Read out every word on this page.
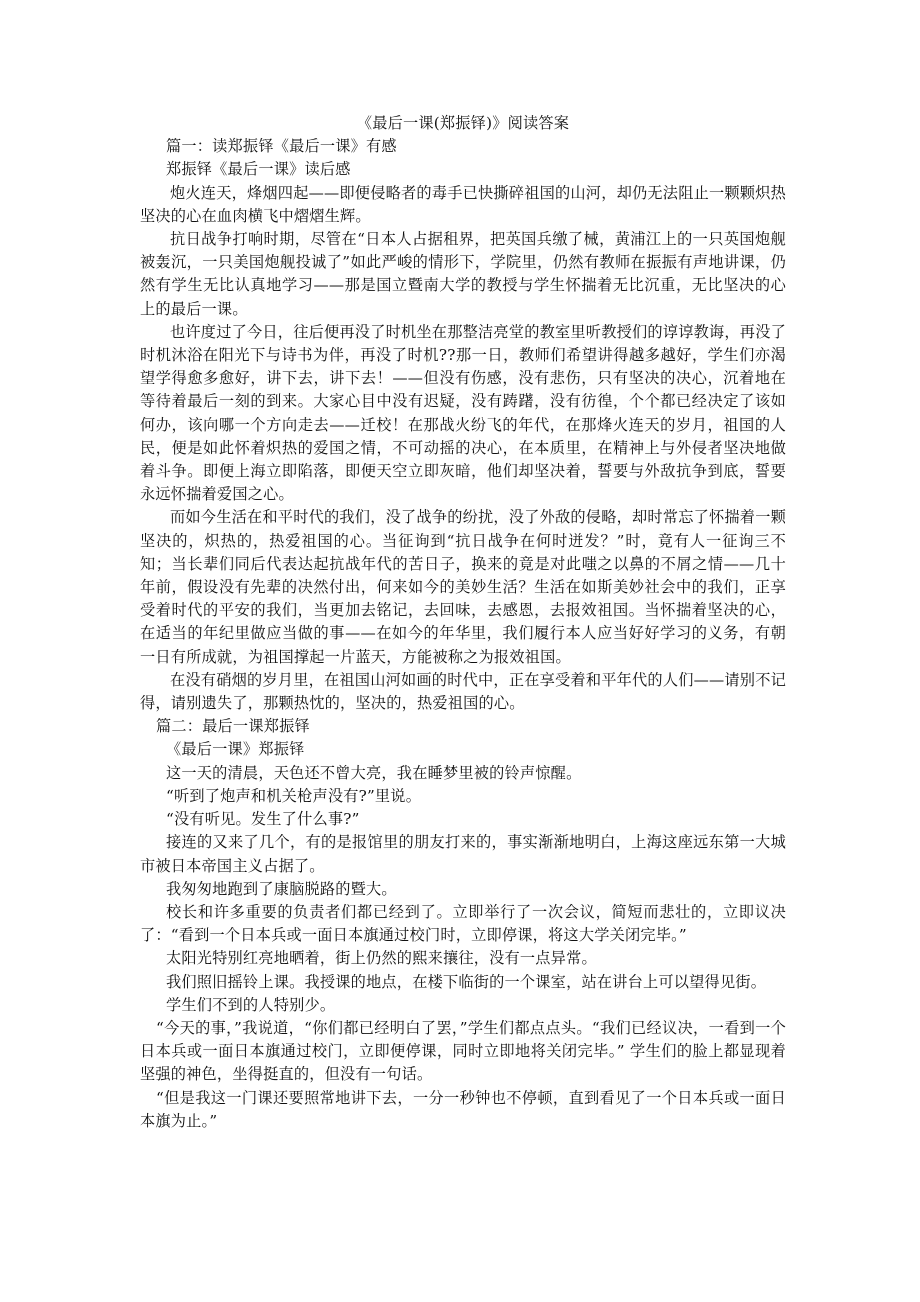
《最后一课(郑振铎)》阅读答案

篇一：读郑振铎《最后一课》有感

郑振铎《最后一课》读后感

炮火连天，烽烟四起——即便侵略者的毒手已快撕碎祖国的山河，却仍无法阻止一颗颗炽热坚决的心在血肉横飞中熠熠生辉。

抗日战争打响时期，尽管在“日本人占据租界，把英国兵缴了械，黄浦江上的一只英国炮舰被轰沉，一只美国炮舰投诚了”如此严峻的情形下，学院里，仍然有教师在振振有声地讲课，仍然有学生无比认真地学习——那是国立暨南大学的教授与学生怀揣着无比沉重，无比坚决的心上的最后一课。

也许度过了今日，往后便再没了时机坐在那整洁亮堂的教室里听教授们的谆谆教诲，再没了时机沐浴在阳光下与诗书为伴，再没了时机??那一日，教师们希望讲得越多越好，学生们亦渴望学得愈多愈好，讲下去，讲下去！——但没有伤感，没有悲伤，只有坚决的决心，沉着地在等待着最后一刻的到来。大家心目中没有迟疑，没有踌躇，没有彷徨，个个都已经决定了该如何办，该向哪一个方向走去——迁校！在那战火纷飞的年代，在那烽火连天的岁月，祖国的人民，便是如此怀着炽热的爱国之情，不可动摇的决心，在本质里，在精神上与外侵者坚决地做着斗争。即便上海立即陷落，即便天空立即灰暗，他们却坚决着，誓要与外敌抗争到底，誓要永远怀揣着爱国之心。

而如今生活在和平时代的我们，没了战争的纷扰，没了外敌的侵略，却时常忘了怀揣着一颗坚决的，炽热的，热爱祖国的心。当征询到“抗日战争在何时迸发？”时，竟有人一征询三不知；当长辈们同后代表达起抗战年代的苦日子，换来的竟是对此嗤之以鼻的不屑之情——几十年前，假设没有先辈的决然付出，何来如今的美妙生活？生活在如斯美妙社会中的我们，正享受着时代的平安的我们，当更加去铭记，去回味，去感恩，去报效祖国。当怀揣着坚决的心，在适当的年纪里做应当做的事——在如今的年华里，我们履行本人应当好好学习的义务，有朝一日有所成就，为祖国撑起一片蓝天，方能被称之为报效祖国。

在没有硝烟的岁月里，在祖国山河如画的时代中，正在享受着和平年代的人们——请别不记得，请别遗失了，那颗热忱的，坚决的，热爱祖国的心。

篇二：最后一课郑振铎

《最后一课》郑振铎

这一天的清晨，天色还不曾大亮，我在睡梦里被的铃声惊醒。

“听到了炮声和机关枪声没有?”里说。

“没有听见。发生了什么事?”

接连的又来了几个，有的是报馆里的朋友打来的，事实渐渐地明白，上海这座远东第一大城市被日本帝国主义占据了。

我匆匆地跑到了康脑脱路的暨大。

校长和许多重要的负责者们都已经到了。立即举行了一次会议，简短而悲壮的，立即议决了：“看到一个日本兵或一面日本旗通过校门时，立即停课，将这大学关闭完毕。”

太阳光特别红亮地晒着，街上仍然的熙来攘往，没有一点异常。

我们照旧摇铃上课。我授课的地点，在楼下临街的一个课室，站在讲台上可以望得见街。

学生们不到的人特别少。

“今天的事，”我说道，“你们都已经明白了罢，”学生们都点点头。“我们已经议决，一看到一个日本兵或一面日本旗通过校门，立即便停课，同时立即地将关闭完毕。” 学生们的脸上都显现着坚强的神色，坐得挺直的，但没有一句话。

“但是我这一门课还要照常地讲下去，一分一秒钟也不停顿，直到看见了一个日本兵或一面日本旗为止。”
